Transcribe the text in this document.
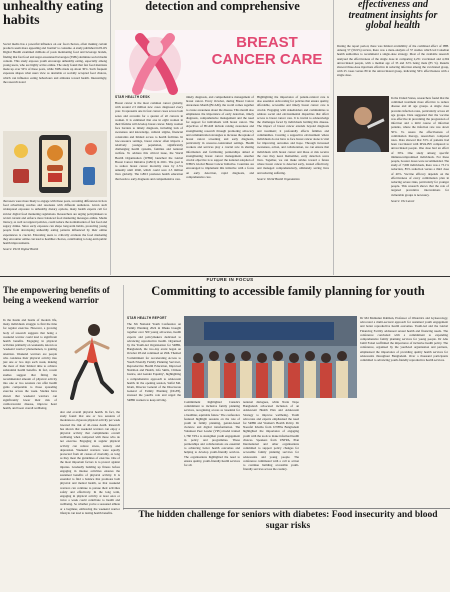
unhealthy eating habits

Social media has a powerful influence on our food choices, often making certain products seem more appealing and 'normal' to consume. A study published in PLOS Digital Health examined millions of posts mentioning food and beverage brands, finding that fast food and sugar-sweetened beverages (SSBs) dominate social media content. This study exposes youth encourage unhealthy eating, especially among young users, who are highly active online. The study found that fast food mentions made up over 50% of these posts, while SSBs made up about 30%. Such frequent exposure shapes what users view as desirable or socially accepted food choices, which can influence eating behaviours and attitudes toward health. Interestingly, the research noted

that users were more likely to engage with these posts, revealing differences in how food advertising reaches and resonates with different audiences. Given such widespread exposure to unhealthy dietary options, many health experts call for stricter digital food marketing regulations. Researchers are urging policymakers to revisit current and enforce more balanced food marketing messages online. Media literacy, as well as targeted policies, could reduce the normalisation of fast food and sugary drinks. Since early exposure can shape long-term habits, protecting young people from developing unhealthy eating patterns influenced by their online experiences is crucial. Educating users to critically evaluate the food marketing they encounter online can lead to healthier choices, contributing to long-term public health improvements.

Source: PLOS Digital Health

detection and comprehensive
BREAST CANCER CARE

STAR HEALTH DESK

Breast cancer is the most common cancer globally, with around 2.3 million new cases diagnosed every year. It represents one in four cancer cases across both sexes and accounts for a quarter of all cancers in women. It is estimated that one in eight women in their lifetime will develop breast cancer. Many women face barriers to timely diagnosis, including lack of awareness and knowledge, cultural stigma, financial constraints and limited access to health facilities. In low-resource settings, breast cancer often impacts a relatively younger population, significantly challenging health systems, families and national welfare. To address this critical issue, the World Health Organization (WHO) launched the Global Breast Cancer Initiative (GBCI) in 2021. The goal is to reduce breast cancer mortality rates by 2.5% annually until 2040, which could save 2.5 million lives globally. The GBCI promotes health education that leads to early diagnosis and comprehensive care.

timely diagnosis, and comprehensive management of breast cancer. Every October, during Breast Cancer Awareness Month (BCAM), the world comes together to create awareness about the disease. This month also emphasizes the importance of early detection, timely diagnosis, comprehensive management and the need for support for individuals with breast cancer. The objectives of BCAM include raising awareness and strengthening research through promoting advocacy and communication strategies to increase the uptake of breast cancer screening and early diagnosis, particularly in resource-constrained settings. Health workers and services play a crucial role in sharing information and facilitating partnerships aimed at strengthening breast cancer management. Another crucial objective is to support the national adoption of WHO's Global Breast Cancer Initiative. Countries are encouraged to implement this initiative with a focus on early detection, rapid diagnosis, and comprehensive care.

Highlighting the importance of patient-centred care is also essential. Advocating for policies that ensure quality, affordable, accessible and timely breast cancer care is crucial. Engaging with stakeholders and communities to address social and environmental disparities that affect access to breast cancer care. It is crucial to acknowledge the challenges faced by individuals battling this disease. The impact of breast cancer extends beyond diagnosis and treatment; it profoundly affects families and communities. Creating a supportive environment where individuals do not have to face breast cancer alone is vital for improving outcomes and hope. Through increased awareness, action, and collaboration, we can ensure that individuals with breast cancer and those at risk receive the care they need. Remember, early detection saves lives. Together, we can make strides toward a future where breast cancer is detected early, treated effectively, and managed comprehensively, ultimately saving lives and reducing suffering.

Source: World Health Organization

effectiveness and treatment insights for global health

During the report period, there was limited availability of the combined effect of IHH. Among 57 (56.9%) review, there was a meta-analysis of 57 studies which led Canadian health authorities to recommend a single-dose strategy. Most of the available research analysed the effectiveness of the single dose in comparing 2,251 vaccinated and 4,304 unvaccinated people, with a median age of 33 and 32% being male (85 %). Results showed three-dose injections effective in reducing infection among the vaccinated group, with 25 cases versus 89 in the unvaccinated group, indicating 56% effectiveness with a single dose.

In the United States, researchers found that the combined treatment more effective to reduce disease and all age groups. A single dose prevents infection rates, particularly across all age groups. Data suggested that the vaccine was effective in preventing the progression of infection and a mild course of infection patients, where the infection rate was down 50%. To assess the effectiveness of combination therapy, researchers compared rates. Data showed that 33% of patients had been vaccinated with MVA-BN compared to unvaccinated people. One dose had an effect of 39%. One study among specific immunocompromised individuals. For these people, booster doses were recommended. The study of 7,000 individuals, there was a 73.1% reduction, 85% reduction versus a third dose of 40%. Vaccine efficacy depends on the effectiveness of every combination plan in reducing severe risks, particularly for younger people. This research shows that the role of targeted preventive interventions for vulnerable groups is necessary.

Source: The Lancet

FUTURE IN FOCUS
The empowering benefits of being a weekend warrior

In the hustle and bustle of modern life, many individuals struggle to find the time for regular exercise. However, a growing body of research suggests that being a weekend warrior could lead to significant health benefits. Engaging in physical activities primarily on weekends, known as 'weekend warrior' phenomenon, is gaining attention. Weekend warriors are people who condense their physical activity into just one or two days each week, making the most of their limited time to achieve substantial health benefits. In fact, recent studies suggest that fitting the recommended amount of physical activity into one or two sessions can offer health gains comparable to those spreading exercise across the week. Studies have shown that weekend warriors can significantly lower their risk of cardiovascular disease, improve heart health, and boost overall wellbeing.

ular and overall physical health. In fact, the study found that one or two sessions of moderate-to-vigorous physical activity per week lowered the risk of all-cause death. Research has shown that weekend warriors can enjoy a physical activity that compliments overall wellbeing when compared with those who do not exercise. Engaging in regular physical activity can reduce stress, anxiety and depression. Weekend warriors were equally protected from all causes of mortality, as long as they meet the guidelines of exercise. One of the most important factors is to protect against injuries. Gradually building up fitness before engaging in intense activities ensures the sustained benefits of physical activity. It is essential to find a balance that promotes both physical and mental health, so that weekend warriors can continue to pursue their activities safely and effectively. In the long term, engaging in physical activity at least once or twice a week could contribute to health and wellbeing. So whether you're a seasoned athlete or a beginner, embracing the weekend warrior lifestyle can lead to lasting health benefits.

Committing to accessible family planning for youth

STAR HEALTH REPORT

The 5th National Youth Conference on Family Planning 2024 in Dhaka brought together over 500 young advocates, health experts and policymakers dedicated to advancing reproductive health. Organised by the Youth-led Organisation for SRHR, Bangladesh, the two-day event began on October 28 and continued on 29th. Themed 'Commitment for Accelerating Access to Youth Friendly Family Planning Services', Reproductive Health Education, Improved Nutrition and Health, Life Skills, Climate Justice, and Gender Equality', highlighting a comprehensive approach to adolescent health. In the opening session, Saiful Md. Islam, Director General of the Directorate General of Family Planning (DGFP), stressed the youth's role and urged the SRHR workers to keep striving.

Commitment highlighted Canada's commitment to inclusive family planning services, recognising access as 'essential for a healthier, equitable future.' The conference featured highlight sessions on the role of youth in family planning, gender-based violence and digital transformation. The Volunteer Peer Leader (VPL) model trained 1,760 VPLs to strengthen youth engagement in policy and programmes. These partnerships and collaborations are essential to achieving better health outcomes and helping to develop youth-friendly services. The organisations highlighted the need to ensure quality, youth-friendly health services for all.

national dialogues, while Naria Nepo Bangladesh advocated inclusion of an Adolescent Health Plan and Adolescent Strategy to improve wellbeing. Youth advocates and experts emphasised the need for SRHR and Women's Health Policy. Dr Naoufal Kbaiba from UNFPA Bangladesh highlighted the importance of engaging youth with the tools to make informed health choices. Speakers from UNFPA, Plan International and other organisations committed to support policy changes for accessible family planning services for adolescents and young people. The conference culminated with a call to action to continue building accessible youth-friendly services across the country.

Dr Md Mamunur Rahman, Professor of Obstetrics and Gynaecology, advocated a multi-sectoral approach for sustained youth engagement and better reproductive health outcomes. Youth-led and the Global Financing Facility addressed sexual health and financing needs. The conference concluded with a commitment to expanding comprehensive family planning services for young people. Dr Abu Jamil Faisel reaffirmed the importance of inclusive health policy. The conference, organised by the youth-led organisation and partners, emphasised the importance of providing quality health services for adolescents throughout Bangladesh. Over a thousand participants committed to advancing youth-friendly reproductive health services.

The hidden challenge for seniors with diabetes: Food insecurity and blood sugar risks
